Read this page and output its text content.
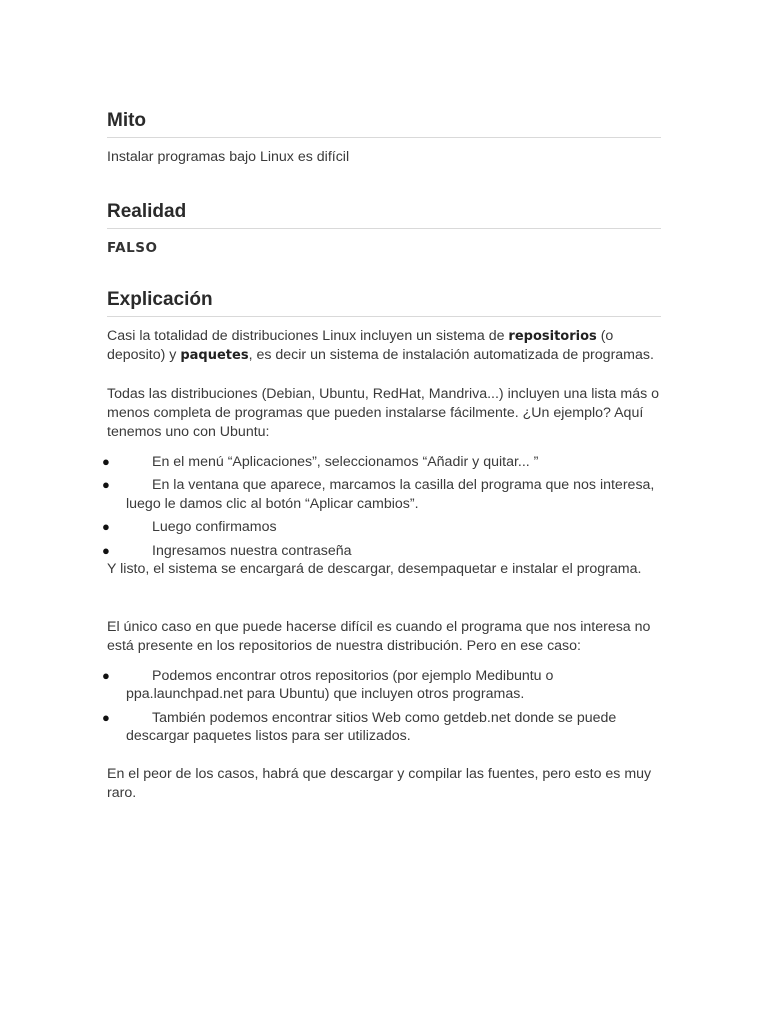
Mito

Instalar programas bajo Linux es difícil

Realidad

FALSO

Explicación

Casi la totalidad de distribuciones Linux incluyen un sistema de repositorios (o deposito) y paquetes, es decir un sistema de instalación automatizada de programas.

Todas las distribuciones (Debian, Ubuntu, RedHat, Mandriva...) incluyen una lista más o menos completa de programas que pueden instalarse fácilmente. ¿Un ejemplo? Aquí tenemos uno con Ubuntu:

●	En el menú “Aplicaciones”, seleccionamos “Añadir y quitar... ”
●	En la ventana que aparece, marcamos la casilla del programa que nos interesa, luego le damos clic al botón “Aplicar cambios”.
●	Luego confirmamos
●	Ingresamos nuestra contraseña

Y listo, el sistema se encargará de descargar, desempaquetar e instalar el programa.

El único caso en que puede hacerse difícil es cuando el programa que nos interesa no está presente en los repositorios de nuestra distribución. Pero en ese caso:

●	Podemos encontrar otros repositorios (por ejemplo Medibuntu o ppa.launchpad.net para Ubuntu) que incluyen otros programas.
●	También podemos encontrar sitios Web como getdeb.net donde se puede descargar paquetes listos para ser utilizados.

En el peor de los casos, habrá que descargar y compilar las fuentes, pero esto es muy raro.
